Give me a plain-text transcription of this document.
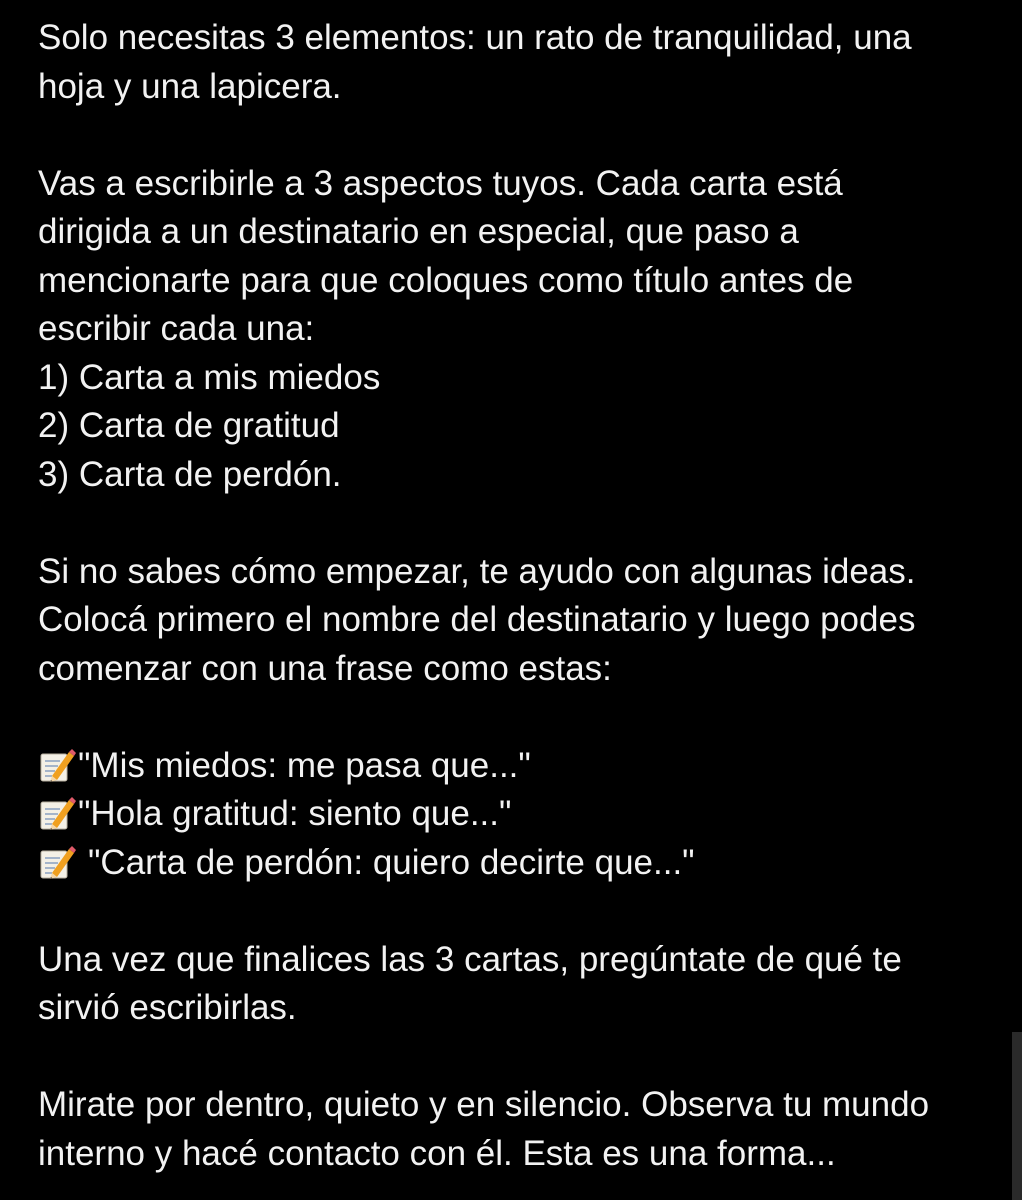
Solo necesitas 3 elementos: un rato de tranquilidad, una
hoja y una lapicera.
Vas a escribirle a 3 aspectos tuyos. Cada carta está
dirigida a un destinatario en especial, que paso a
mencionarte para que coloques como título antes de
escribir cada una:
1) Carta a mis miedos
2) Carta de gratitud
3) Carta de perdón.
Si no sabes cómo empezar, te ayudo con algunas ideas.
Colocá primero el nombre del destinatario y luego podes
comenzar con una frase como estas:
"Mis miedos: me pasa que..."
"Hola gratitud: siento que..."
"Carta de perdón: quiero decirte que..."
Una vez que finalices las 3 cartas, pregúntate de qué te
sirvió escribirlas.
Mirate por dentro, quieto y en silencio. Observa tu mundo
interno y hacé contacto con él. Esta es una forma...
